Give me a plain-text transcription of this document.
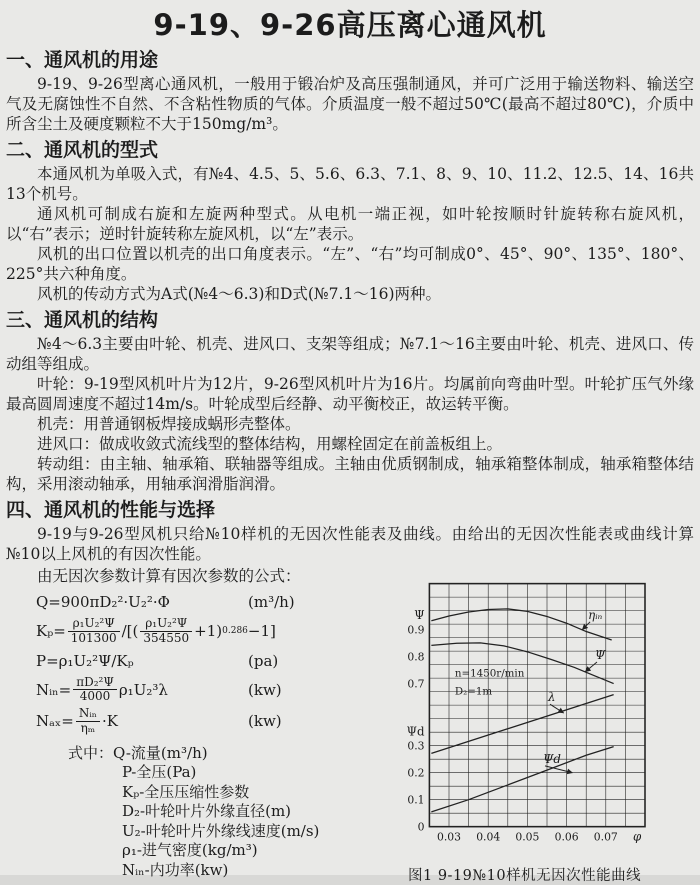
9-19、9-26高压离心通风机
一、通风机的用途

9-19、9-26型离心通风机，一般用于锻冶炉及高压强制通风，并可广泛用于输送物料、输送空气及无腐蚀性不自然、不含粘性物质的气体。介质温度一般不超过50℃(最高不超过80℃)，介质中所含尘土及硬度颗粒不大于150mg/m³。

二、通风机的型式

本通风机为单吸入式，有№4、4.5、5、5.6、6.3、7.1、8、9、10、11.2、12.5、14、16共13个机号。

通风机可制成右旋和左旋两种型式。从电机一端正视，如叶轮按顺时针旋转称右旋风机，以“右”表示；逆时针旋转称左旋风机，以“左”表示。

风机的出口位置以机壳的出口角度表示。“左”、“右”均可制成0°、45°、90°、135°、180°、225°共六种角度。

风机的传动方式为A式(№4～6.3)和D式(№7.1～16)两种。

三、通风机的结构

№4～6.3主要由叶轮、机壳、进风口、支架等组成；№7.1～16主要由叶轮、机壳、进风口、传动组等组成。

叶轮：9-19型风机叶片为12片，9-26型风机叶片为16片。均属前向弯曲叶型。叶轮扩压气外缘最高圆周速度不超过14m/s。叶轮成型后经静、动平衡校正，故运转平衡。

机壳：用普通钢板焊接成蜗形壳整体。

进风口：做成收敛式流线型的整体结构，用螺栓固定在前盖板组上。

转动组：由主轴、轴承箱、联轴器等组成。主轴由优质钢制成，轴承箱整体制成，轴承箱整体结构，采用滚动轴承，用轴承润滑脂润滑。

四、通风机的性能与选择

9-19与9-26型风机只给№10样机的无因次性能表及曲线。由给出的无因次性能表或曲线计算№10以上风机的有因次性能。

由无因次参数计算有因次参数的公式：

Q=900πD₂²·U₂²·Φ	(m³/h)
$K_p= \frac{\text{ρ₁U₂²Ψ}}{101300}$ /[( $\frac{\text{ρ₁U₂²Ψ}}{354550} +1$) 0.286 −1]
P=ρ₁U₂²Ψ/Kₚ	(pa)
Nᵢₙ= $\frac{\text{πD₂²Ψ}}{4000} \rho_1U_2^3\lambda$	(kw)
$N_{ax}= \frac{\text{Nᵢₙ}}{\text{ηₘ}} \cdot K$	(kw)
式中：Q-流量(m³/h)
P-全压(Pa)
Kₚ-全压压缩性参数
D₂-叶轮叶片外缘直径(m)
U₂-叶轮叶片外缘线速度(m/s)
ρ₁-进气密度(kg/m³)
Nᵢₙ-内功率(kw)
0.03 0.04 0.05 0.06 0.07 φ
Ψ
0.9
0.8
0.7
Ψd
0.3
0.2
0.1
0
n=1450r/min
D₂=1m
ηᵢₙ
Ψ
λ
Ψd
图1 9-19№10样机无因次性能曲线
